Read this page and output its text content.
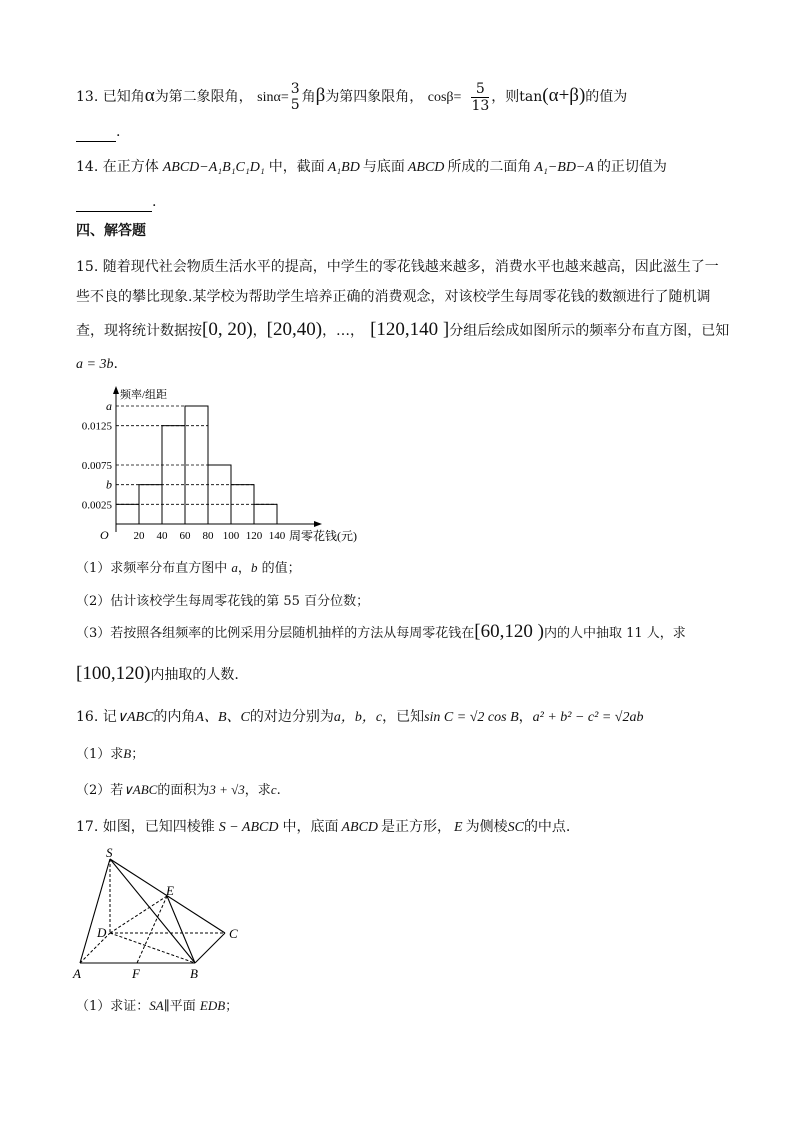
13. 已知角α为第二象限角， sinα=
3
5 角β为第四象限角， $\cos\beta= \frac{5}{13}$ ，则tan(α+β)的值为
.
14. 在正方体 ABCD−A₁B₁C₁D₁ 中，截面 A₁BD 与底面 ABCD 所成的二面角 A₁−BD−A 的正切值为
.
四、解答题
15. 随着现代社会物质生活水平的提高，中学生的零花钱越来越多，消费水平也越来越高，因此滋生了一
些不良的攀比现象.某学校为帮助学生培养正确的消费观念，对该校学生每周零花钱的数额进行了随机调
查，现将统计数据按[0, 20)，[20,40)，…， [120,140 ]分组后绘成如图所示的频率分布直方图，已知
a = 3b.
频率/组距
周零花钱(元)
O 20 40 60 80 100 120 140
a
0.0125
0.0075
b
0.0025
（1）求频率分布直方图中 a，b 的值；
（2）估计该校学生每周零花钱的第 55 百分位数；
（3）若按照各组频率的比例采用分层随机抽样的方法从每周零花钱在[60,120 )内的人中抽取 11 人，求
[100,120)内抽取的人数.
16. 记∨ABC的内角A、B、C的对边分别为a，b，c，已知sin C = √2 cos B，a² + b² − c² = √2ab
（1）求B；
（2）若∨ABC的面积为3 + √3，求c.
17. 如图，已知四棱锥 S − ABCD 中，底面 ABCD 是正方形， E 为侧棱SC的中点.
S
E
D	C
A	F	B
（1）求证：SA∥平面 EDB；
